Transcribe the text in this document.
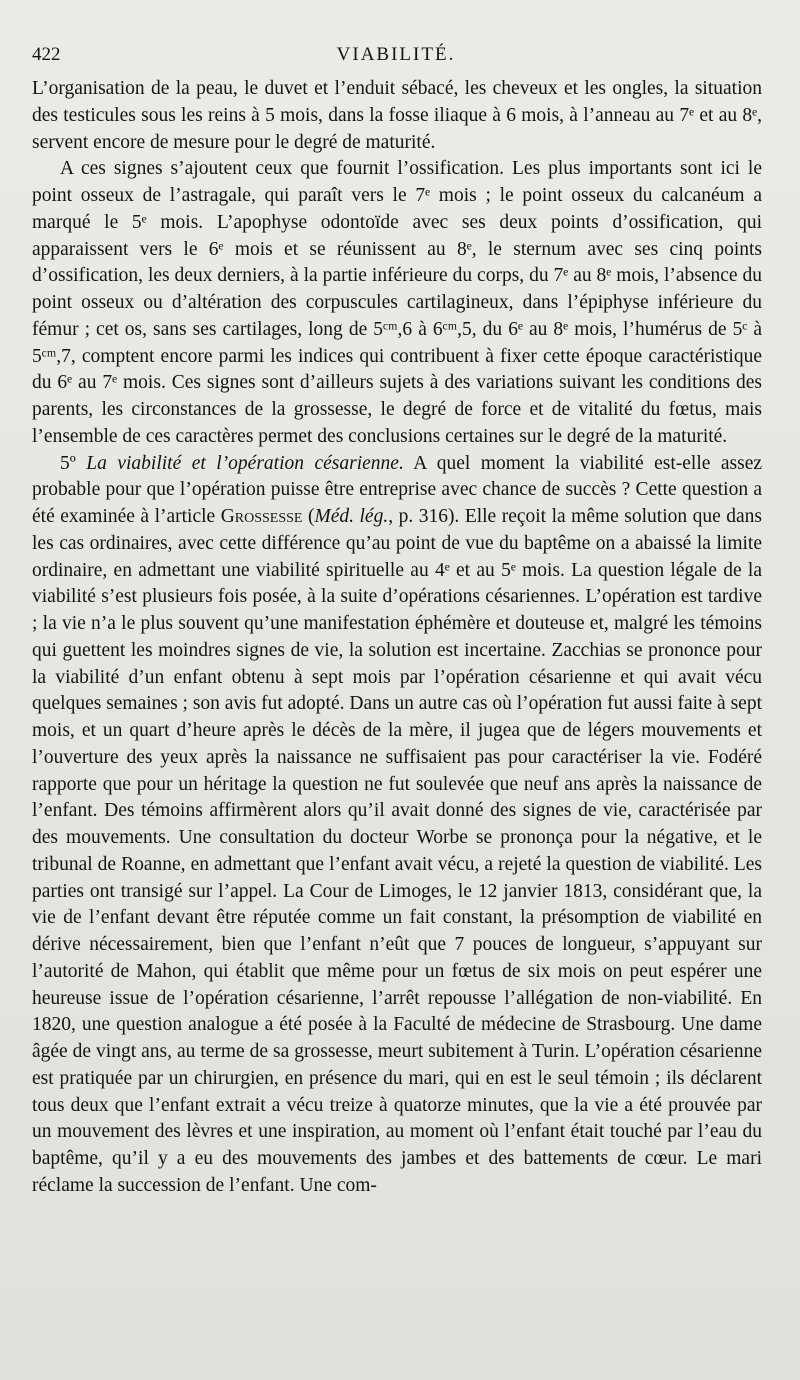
422	VIABILITÉ.

L’organisation de la peau, le duvet et l’enduit sébacé, les cheveux et les ongles, la situation des testicules sous les reins à 5 mois, dans la fosse iliaque à 6 mois, à l’anneau au 7ᵉ et au 8ᵉ, servent encore de mesure pour le degré de maturité.

A ces signes s’ajoutent ceux que fournit l’ossification. Les plus importants sont ici le point osseux de l’astragale, qui paraît vers le 7ᵉ mois ; le point osseux du calcanéum a marqué le 5ᵉ mois. L’apophyse odontoïde avec ses deux points d’ossification, qui apparaissent vers le 6ᵉ mois et se réunissent au 8ᵉ, le sternum avec ses cinq points d’ossification, les deux derniers, à la partie inférieure du corps, du 7ᵉ au 8ᵉ mois, l’absence du point osseux ou d’altération des corpuscules cartilagineux, dans l’épiphyse inférieure du fémur ; cet os, sans ses cartilages, long de 5ᶜᵐ,6 à 6ᶜᵐ,5, du 6ᵉ au 8ᵉ mois, l’humérus de 5ᶜ à 5ᶜᵐ,7, comptent encore parmi les indices qui contribuent à fixer cette époque caractéristique du 6ᵉ au 7ᵉ mois. Ces signes sont d’ailleurs sujets à des variations suivant les conditions des parents, les circonstances de la grossesse, le degré de force et de vitalité du fœtus, mais l’ensemble de ces caractères permet des conclusions certaines sur le degré de la maturité.

5º La viabilité et l’opération césarienne. A quel moment la viabilité est-elle assez probable pour que l’opération puisse être entreprise avec chance de succès ? Cette question a été examinée à l’article Grossesse (Méd. lég., p. 316). Elle reçoit la même solution que dans les cas ordinaires, avec cette différence qu’au point de vue du baptême on a abaissé la limite ordinaire, en admettant une viabilité spirituelle au 4ᵉ et au 5ᵉ mois. La question légale de la viabilité s’est plusieurs fois posée, à la suite d’opérations césariennes. L’opération est tardive ; la vie n’a le plus souvent qu’une manifestation éphémère et douteuse et, malgré les témoins qui guettent les moindres signes de vie, la solution est incertaine. Zacchias se prononce pour la viabilité d’un enfant obtenu à sept mois par l’opération césarienne et qui avait vécu quelques semaines ; son avis fut adopté. Dans un autre cas où l’opération fut aussi faite à sept mois, et un quart d’heure après le décès de la mère, il jugea que de légers mouvements et l’ouverture des yeux après la naissance ne suffisaient pas pour caractériser la vie. Fodéré rapporte que pour un héritage la question ne fut soulevée que neuf ans après la naissance de l’enfant. Des témoins affirmèrent alors qu’il avait donné des signes de vie, caractérisée par des mouvements. Une consultation du docteur Worbe se prononça pour la négative, et le tribunal de Roanne, en admettant que l’enfant avait vécu, a rejeté la question de viabilité. Les parties ont transigé sur l’appel. La Cour de Limoges, le 12 janvier 1813, considérant que, la vie de l’enfant devant être réputée comme un fait constant, la présomption de viabilité en dérive nécessairement, bien que l’enfant n’eût que 7 pouces de longueur, s’appuyant sur l’autorité de Mahon, qui établit que même pour un fœtus de six mois on peut espérer une heureuse issue de l’opération césarienne, l’arrêt repousse l’allégation de non-viabilité. En 1820, une question analogue a été posée à la Faculté de médecine de Strasbourg. Une dame âgée de vingt ans, au terme de sa grossesse, meurt subitement à Turin. L’opération césarienne est pratiquée par un chirurgien, en présence du mari, qui en est le seul témoin ; ils déclarent tous deux que l’enfant extrait a vécu treize à quatorze minutes, que la vie a été prouvée par un mouvement des lèvres et une inspiration, au moment où l’enfant était touché par l’eau du baptême, qu’il y a eu des mouvements des jambes et des battements de cœur. Le mari réclame la succession de l’enfant. Une com-
